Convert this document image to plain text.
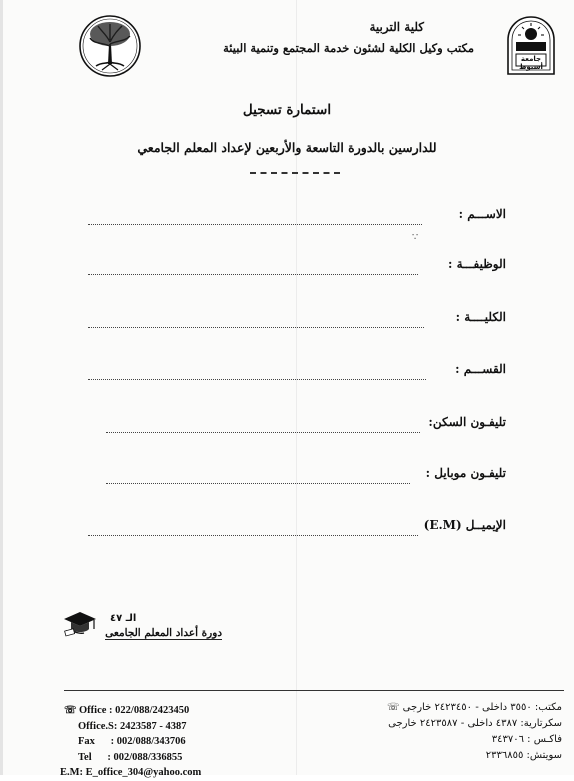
كلية التربية
مكتب وكيل الكلية لشئون خدمة المجتمع وتنمية البيئة
جامعة أسيوط
استمارة تسجيل
للدارسين بالدورة التاسعة والأربعين لإعداد المعلم الجامعي
الاســـم :
∵
الوظيفـــة :
الكليــــة :
القســـم :
تليفـون السكن:
تليفـون موبايل :
الإيميــل (E.M)
الـ ٤٧
دورة أعداد المعلم الجامعى
☏ Office : 022/088/2423450
Office.S: 2423587 - 4387
Fax      : 002/088/343706
Tel      : 002/088/336855
E.M: E_office_304@yahoo.com
مكتب: ٣٥٥٠ داخلى - ٢٤٢٣٤٥٠ خارجى ☏
سكرتارية: ٤٣٨٧ داخلى - ٢٤٢٣٥٨٧ خارجى
فاكـس : ٣٤٣٧٠٦
سويتش: ٢٣٣٦٨٥٥
